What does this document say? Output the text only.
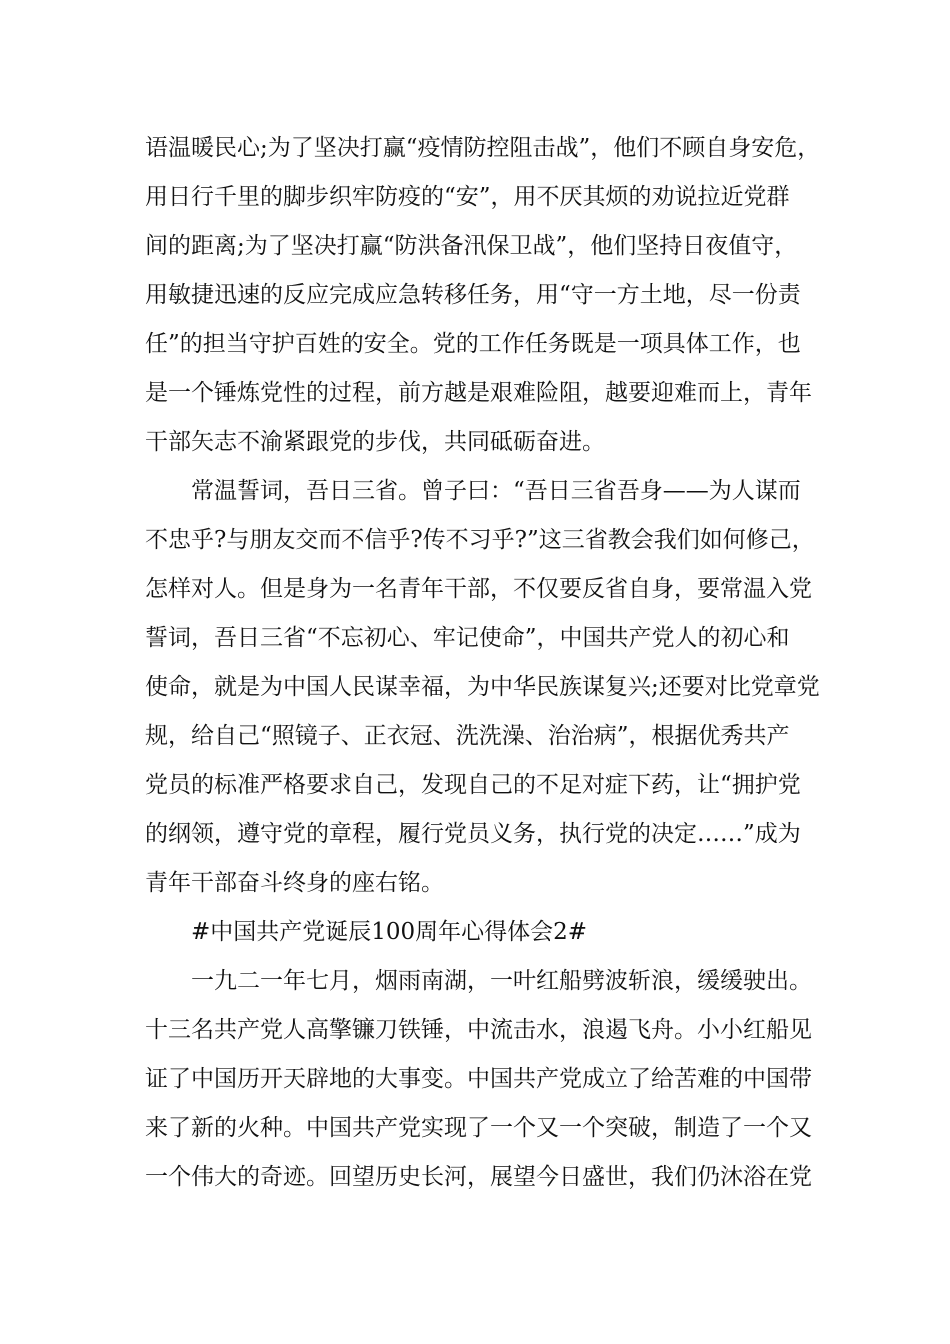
语温暖民心;为了坚决打赢“疫情防控阻击战”，他们不顾自身安危，
用日行千里的脚步织牢防疫的“安”，用不厌其烦的劝说拉近党群
间的距离;为了坚决打赢“防洪备汛保卫战”，他们坚持日夜值守，
用敏捷迅速的反应完成应急转移任务，用“守一方土地，尽一份责
任”的担当守护百姓的安全。党的工作任务既是一项具体工作，也
是一个锤炼党性的过程，前方越是艰难险阻，越要迎难而上，青年
干部矢志不渝紧跟党的步伐，共同砥砺奋进。
常温誓词，吾日三省。曾子曰：“吾日三省吾身——为人谋而
不忠乎?与朋友交而不信乎?传不习乎?”这三省教会我们如何修己，
怎样对人。但是身为一名青年干部，不仅要反省自身，要常温入党
誓词，吾日三省“不忘初心、牢记使命”，中国共产党人的初心和
使命，就是为中国人民谋幸福，为中华民族谋复兴;还要对比党章党
规，给自己“照镜子、正衣冠、洗洗澡、治治病”，根据优秀共产
党员的标准严格要求自己，发现自己的不足对症下药，让“拥护党
的纲领，遵守党的章程，履行党员义务，执行党的决定……”成为
青年干部奋斗终身的座右铭。
#中国共产党诞辰100周年心得体会2#
一九二一年七月，烟雨南湖，一叶红船劈波斩浪，缓缓驶出。
十三名共产党人高擎镰刀铁锤，中流击水，浪遏飞舟。小小红船见
证了中国历开天辟地的大事变。中国共产党成立了给苦难的中国带
来了新的火种。中国共产党实现了一个又一个突破，制造了一个又
一个伟大的奇迹。回望历史长河，展望今日盛世，我们仍沐浴在党
